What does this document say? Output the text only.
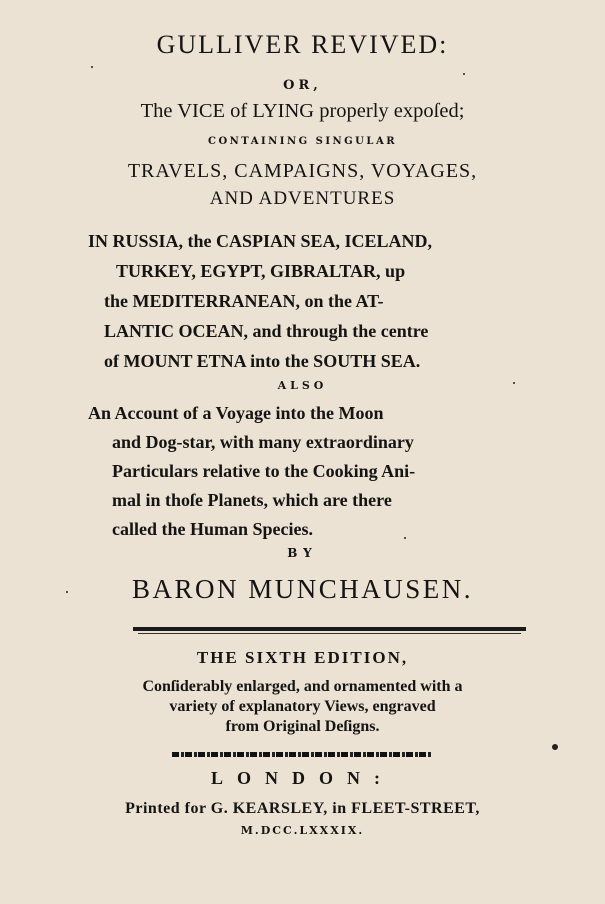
GULLIVER REVIVED:
OR,
The VICE of LYING properly expoſed;
CONTAINING SINGULAR
TRAVELS, CAMPAIGNS, VOYAGES,
AND ADVENTURES
IN RUSSIA, the CASPIAN SEA, ICELAND,
TURKEY, EGYPT, GIBRALTAR, up
the MEDITERRANEAN, on the AT-
LANTIC OCEAN, and through the centre
of MOUNT ETNA into the SOUTH SEA.
ALSO
An Account of a Voyage into the Moon
and Dog-star, with many extraordinary
Particulars relative to the Cooking Ani-
mal in thoſe Planets, which are there
called the Human Species.
BY
BARON MUNCHAUSEN.
THE SIXTH EDITION,
Conſiderably enlarged, and ornamented with a
variety of explanatory Views, engraved
from Original Deſigns.
LONDON:
Printed for G. KEARSLEY, in FLEET-STREET,
M.DCC.LXXXIX.
